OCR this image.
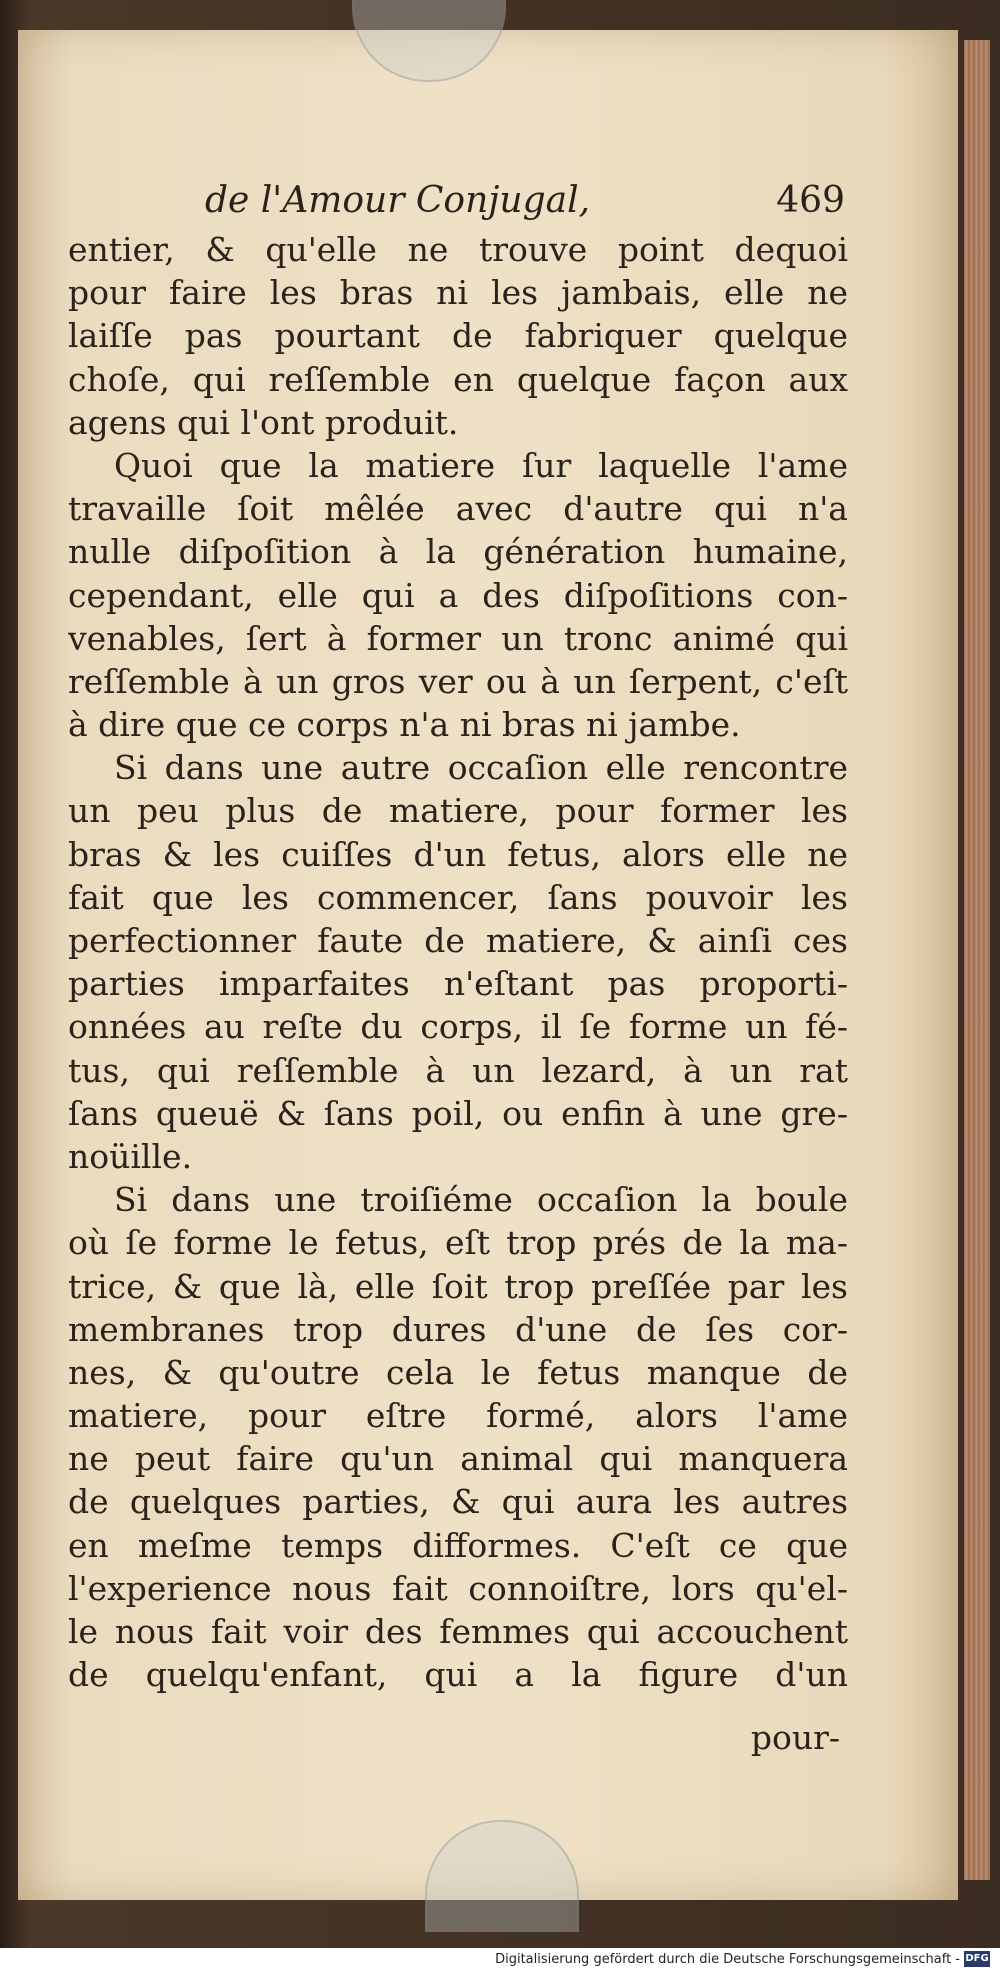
de l'Amour Conjugal,	469
entier, & qu'elle ne trouve point dequoi
pour faire les bras ni les jambais, elle ne
laiſſe pas pourtant de fabriquer quelque
choſe, qui reſſemble en quelque façon aux
agens qui l'ont produit.
Quoi que la matiere ſur laquelle l'ame
travaille ſoit mêlée avec d'autre qui n'a
nulle diſpoſition à la génération humaine,
cependant, elle qui a des diſpoſitions con-
venables, ſert à former un tronc animé qui
reſſemble à un gros ver ou à un ſerpent, c'eſt
à dire que ce corps n'a ni bras ni jambe.
Si dans une autre occaſion elle rencontre
un peu plus de matiere, pour former les
bras & les cuiſſes d'un fetus, alors elle ne
fait que les commencer, ſans pouvoir les
perfectionner faute de matiere, & ainſi ces
parties imparfaites n'eſtant pas proporti-
onnées au reſte du corps, il ſe forme un fé-
tus, qui reſſemble à un lezard, à un rat
ſans queuë & ſans poil, ou enfin à une gre-
noüille.
Si dans une troiſiéme occaſion la boule
où ſe forme le fetus, eſt trop prés de la ma-
trice, & que là, elle ſoit trop preſſée par les
membranes trop dures d'une de ſes cor-
nes, & qu'outre cela le fetus manque de
matiere, pour eſtre formé, alors l'ame
ne peut faire qu'un animal qui manquera
de quelques parties, & qui aura les autres
en meſme temps difformes. C'eſt ce que
l'experience nous fait connoiſtre, lors qu'el-
le nous fait voir des femmes qui accouchent
de quelqu'enfant, qui a la figure d'un
pour-
Digitalisierung gefördert durch die Deutsche Forschungsgemeinschaft - DFG
